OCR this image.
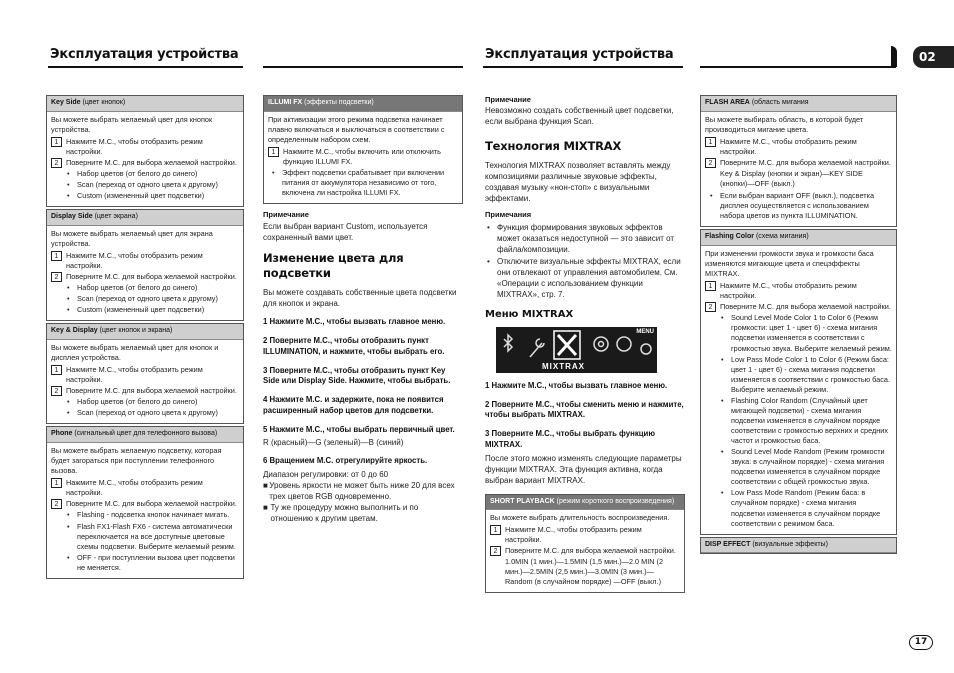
Эксплуатация устройства	Эксплуатация устройства	02
Key Side (цвет кнопок)

Вы можете выбрать желаемый цвет для кнопок устройства.

1	Нажмите M.C., чтобы отобразить режим настройки.
2	Поверните M.C. для выбора желаемой настройки.
• Набор цветов (от белого до синего)
• Scan (переход от одного цвета к другому)
• Custom (измененный цвет подсветки)
Display Side (цвет экрана)

Вы можете выбрать желаемый цвет для экрана устройства.

1	Нажмите M.C., чтобы отобразить режим настройки.
2	Поверните M.C. для выбора желаемой настройки.
• Набор цветов (от белого до синего)
• Scan (переход от одного цвета к другому)
• Custom (измененный цвет подсветки)
Key & Display (цвет кнопок и экрана)

Вы можете выбрать желаемый цвет для кнопок и дисплея устройства.

1	Нажмите M.C., чтобы отобразить режим настройки.
2	Поверните M.C. для выбора желаемой настройки.
• Набор цветов (от белого до синего)
• Scan (переход от одного цвета к другому)
Phone (сигнальный цвет для телефонного вызова)

Вы можете выбрать желаемую подсветку, которая будет загораться при поступлении телефонного вызова.

1	Нажмите M.C., чтобы отобразить режим настройки.
2	Поверните M.C. для выбора желаемой настройки.
• Flashing - подсветка кнопок начинает мигать.
• Flash FX1-Flash FX6 - система автоматически переключается на все доступные цветовые схемы подсветки. Выберите желаемый режим.
• OFF - при поступлении вызова цвет подсветки не меняется.
ILLUMI FX (эффекты подсветки)

При активизации этого режима подсветка начинает плавно включаться и выключаться в соответствии с определенным набором схем.

1	Нажмите M.C., чтобы включить или отключить функцию ILLUMI FX.
• Эффект подсветки срабатывает при включении питания от аккумулятора независимо от того, включена ли настройка ILLUMI FX.
Примечание
Если выбран вариант Custom, используется сохраненный вами цвет.
Изменение цвета для подсветки
Вы можете создавать собственные цвета подсветки для кнопок и экрана.
1 Нажмите M.C., чтобы вызвать главное меню.
2 Поверните M.C., чтобы отобразить пункт ILLUMINATION, и нажмите, чтобы выбрать его.
3 Поверните M.C., чтобы отобразить пункт Key Side или Display Side. Нажмите, чтобы выбрать.
4 Нажмите M.C. и задержите, пока не появится расширенный набор цветов для подсветки.
5 Нажмите M.C., чтобы выбрать первичный цвет.
R (красный)—G (зеленый)—B (синий)
6 Вращением M.C. отрегулируйте яркость.
Диапазон регулировки: от 0 до 60
■ Уровень яркости не может быть ниже 20 для всех трех цветов RGB одновременно.
■ Ту же процедуру можно выполнить и по отношению к другим цветам.
Примечание
Невозможно создать собственный цвет подсветки, если выбрана функция Scan.
Технология MIXTRAX
Технология MIXTRAX позволяет вставлять между композициями различные звуковые эффекты, создавая музыку «нон-стоп» с визуальными эффектами.
Примечания
• Функция формирования звуковых эффектов может оказаться недоступной — это зависит от файла/композиции.
• Отключите визуальные эффекты MIXTRAX, если они отвлекают от управления автомобилем. См. «Операции с использованием функции MIXTRAX», стр. 7.
Меню MIXTRAX
MENU
MIXTRAX
1 Нажмите M.C., чтобы вызвать главное меню.
2 Поверните M.C., чтобы сменить меню и нажмите, чтобы выбрать MIXTRAX.
3 Поверните M.C., чтобы выбрать функцию MIXTRAX.
После этого можно изменять следующие параметры функции MIXTRAX. Эта функция активна, когда выбран вариант MIXTRAX.
SHORT PLAYBACK (режим короткого воспроизведения)

Вы можете выбрать длительность воспроизведения.

1	Нажмите M.C., чтобы отобразить режим настройки.
2	Поверните M.C. для выбора желаемой настройки. 1.0MIN (1 мин.)—1.5MIN (1,5 мин.)—2.0 MIN (2 мин.)—2.5MIN (2,5 мин.)—3.0MIN (3 мин.)—Random (в случайном порядке) —OFF (выкл.)
FLASH AREA (область мигания

Вы можете выбирать область, в которой будет производиться мигание цвета.

1	Нажмите M.C., чтобы отобразить режим настройки.
2	Поверните M.C. для выбора желаемой настройки.

Key & Display (кнопки и экран)—KEY SIDE (кнопки)—OFF (выкл.)

• Если выбран вариант OFF (выкл.), подсветка дисплея осуществляется с использованием набора цветов из пункта ILLUMINATION.
Flashing Color (схема мигания)

При изменении громкости звука и громкости баса изменяются мигающие цвета и спецэффекты MIXTRAX.

1	Нажмите M.C., чтобы отобразить режим настройки.
2	Поверните M.C. для выбора желаемой настройки.
• Sound Level Mode Color 1 to Color 6 (Режим громкости: цвет 1 - цвет 6) - схема мигания подсветки изменяется в соответствии с громкостью звука. Выберите желаемый режим.
• Low Pass Mode Color 1 to Color 6 (Режим баса: цвет 1 - цвет 6) - схема мигания подсветки изменяется в соответствии с громкостью баса. Выберите желаемый режим.
• Flashing Color Random (Случайный цвет мигающей подсветки) - схема мигания подсветки изменяется в случайном порядке соответствии с громкостью верхних и средних частот и громкостью баса.
• Sound Level Mode Random (Режим громкости звука: в случайном порядке) - схема мигания подсветки изменяется в случайном порядке соответствии с общей громкостью звука.
• Low Pass Mode Random (Режим баса: в случайном порядке) - схема мигания подсветки изменяется в случайном порядке соответствии с режимом баса.
DISP EFFECT (визуальные эффекты)
17
